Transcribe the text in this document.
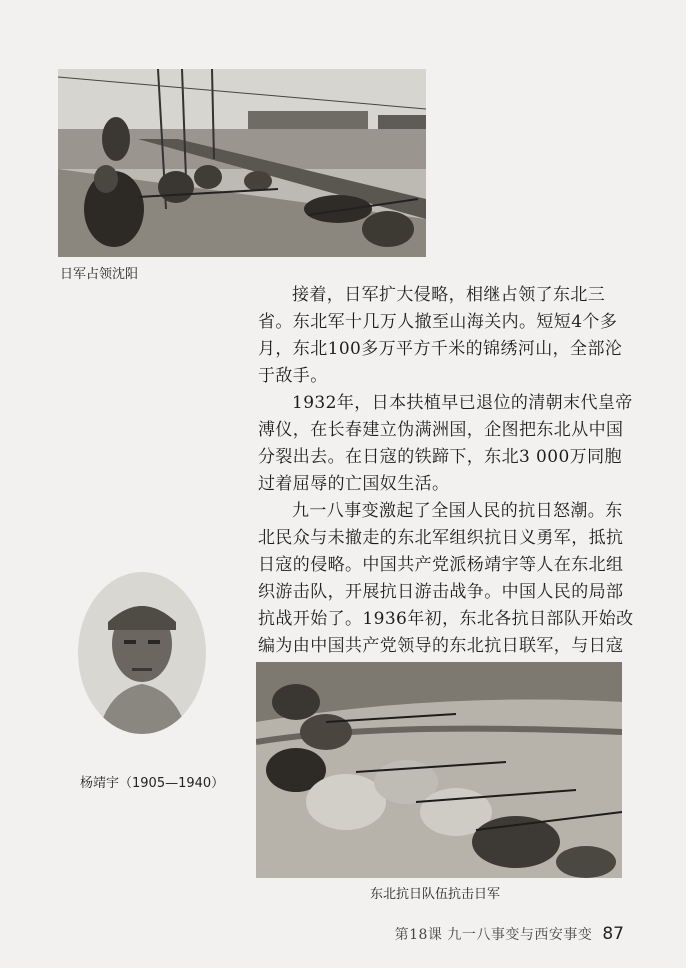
日军占领沈阳

接着，日军扩大侵略，相继占领了东北三省。东北军十几万人撤至山海关内。短短4个多月，东北100多万平方千米的锦绣河山，全部沦于敌手。

1932年，日本扶植早已退位的清朝末代皇帝溥仪，在长春建立伪满洲国，企图把东北从中国分裂出去。在日寇的铁蹄下，东北3 000万同胞过着屈辱的亡国奴生活。

九一八事变激起了全国人民的抗日怒潮。东北民众与未撤走的东北军组织抗日义勇军，抵抗日寇的侵略。中国共产党派杨靖宇等人在东北组织游击队，开展抗日游击战争。中国人民的局部抗战开始了。1936年初，东北各抗日部队开始改编为由中国共产党领导的东北抗日联军，与日寇

杨靖宇（1905—1940）
东北抗日队伍抗击日军
第18课 九一八事变与西安事变 87
